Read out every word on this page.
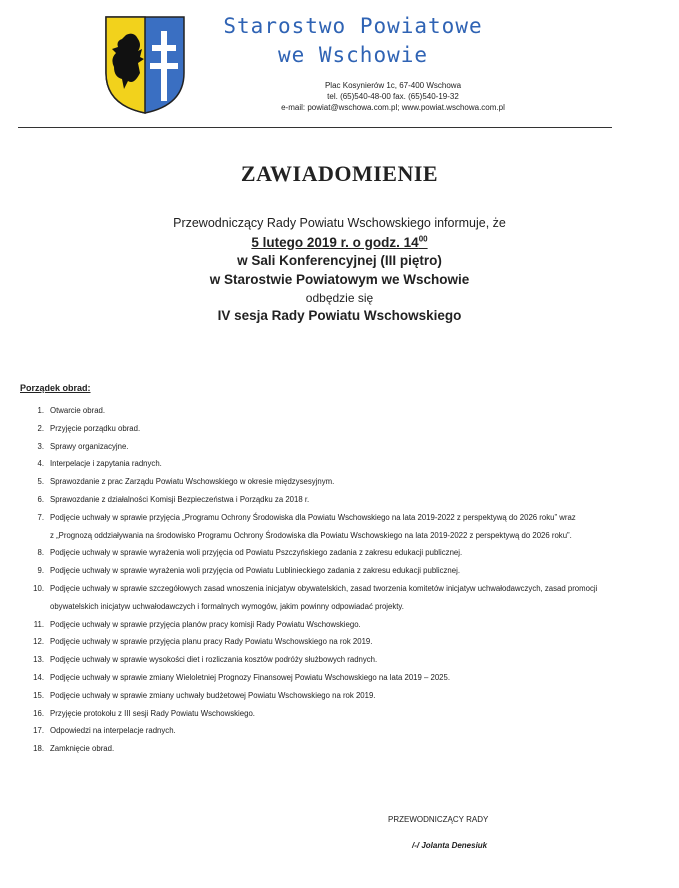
Starostwo Powiatowe
we Wschowie
Plac Kosynierów 1c, 67-400 Wschowa
tel. (65)540-48-00 fax. (65)540-19-32
e-mail: powiat@wschowa.com.pl; www.powiat.wschowa.com.pl
ZAWIADOMIENIE
Przewodniczący Rady Powiatu Wschowskiego informuje, że
5 lutego 2019 r. o godz. $14^{00}$
w Sali Konferencyjnej (III piętro)
w Starostwie Powiatowym we Wschowie
odbędzie się
IV sesja Rady Powiatu Wschowskiego
Porządek obrad:
1. Otwarcie obrad.
2. Przyjęcie porządku obrad.
3. Sprawy organizacyjne.
4. Interpelacje i zapytania radnych.
5. Sprawozdanie z prac Zarządu Powiatu Wschowskiego w okresie międzysesyjnym.
6. Sprawozdanie z działalności Komisji Bezpieczeństwa i Porządku za 2018 r.
7. Podjęcie uchwały w sprawie przyjęcia „Programu Ochrony Środowiska dla Powiatu Wschowskiego na lata 2019-2022 z perspektywą do 2026 roku” wraz
z „Prognozą oddziaływania na środowisko Programu Ochrony Środowiska dla Powiatu Wschowskiego na lata 2019-2022 z perspektywą do 2026 roku”.
8. Podjęcie uchwały w sprawie wyrażenia woli przyjęcia od Powiatu Pszczyńskiego zadania z zakresu edukacji publicznej.
9. Podjęcie uchwały w sprawie wyrażenia woli przyjęcia od Powiatu Lublinieckiego zadania z zakresu edukacji publicznej.
10. Podjęcie uchwały w sprawie szczegółowych zasad wnoszenia inicjatyw obywatelskich, zasad tworzenia komitetów inicjatyw uchwałodawczych, zasad promocji
obywatelskich inicjatyw uchwałodawczych i formalnych wymogów, jakim powinny odpowiadać projekty.
11. Podjęcie uchwały w sprawie przyjęcia planów pracy komisji Rady Powiatu Wschowskiego.
12. Podjęcie uchwały w sprawie przyjęcia planu pracy Rady Powiatu Wschowskiego na rok 2019.
13. Podjęcie uchwały w sprawie wysokości diet i rozliczania kosztów podróży służbowych radnych.
14. Podjęcie uchwały w sprawie zmiany Wieloletniej Prognozy Finansowej Powiatu Wschowskiego na lata 2019 – 2025.
15. Podjęcie uchwały w sprawie zmiany uchwały budżetowej Powiatu Wschowskiego na rok 2019.
16. Przyjęcie protokołu z III sesji Rady Powiatu Wschowskiego.
17. Odpowiedzi na interpelacje radnych.
18. Zamknięcie obrad.
PRZEWODNICZĄCY RADY
/-/ Jolanta Denesiuk
